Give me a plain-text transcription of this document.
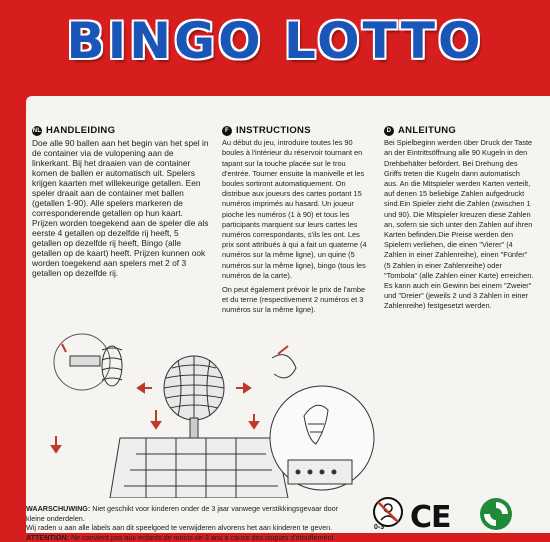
BINGO LOTTO
NL HANDLEIDING

Doe alle 90 ballen aan het begin van het spel in de container via de vulopening aan de linkerkant. Bij het draaien van de container komen de ballen er automatisch uit. Spelers krijgen kaarten met willekeurige getallen. Een speler draait aan de container met ballen (getallen 1-90). Alle spelers markeren de corresponderende getallen op hun kaart.

Prijzen worden toegekend aan de speler die als eerste 4 getallen op dezelfde rij heeft, 5 getallen op dezelfde rij heeft, Bingo (alle getallen op de kaart) heeft. Prijzen kunnen ook worden toegekend aan spelers met 2 of 3 getallen op dezelfde rij.

F INSTRUCTIONS

Au début du jeu, introduire toutes les 90 boules à l'intérieur du réservoir tournant en tapant sur la touche placée sur le trou d'entrée. Tourner ensuite la manivelle et les boules sortiront automatiquement. On distribue aux joueurs des cartes portant 15 numéros imprimés au hasard. Un joueur pioche les numéros (1 à 90) et tous les participants marquent sur leurs cartes les numéros correspondants, s'ils les ont. Les prix sont attribués à qui a fait un quaterne (4 numéros sur la même ligne), un quine (5 numéros sur la même ligne), bingo (tous les numéros de la carte).

On peut également prévoir le prix de l'ambe et du terne (respectivement 2 numéros et 3 numéros sur la même ligne).

D ANLEITUNG

Bei Spielbeginn werden über Druck der Taste an der Eintrittsöffnung alle 90 Kugeln in den Drehbehälter befördert. Bei Drehung des Griffs treten die Kugeln dann automatisch aus. An die Mitspieler werden Karten verteilt, auf denen 15 beliebige Zahlen aufgedruckt sind.Ein Spieler zieht die Zahlen (zwischen 1 und 90). Die Mitspieler kreuzen diese Zahlen an, sofern sie sich unter den Zahlen auf ihren Karten befinden.Die Preise werden den Spielern verliehen, die einen "Vierer" (4 Zahlen in einer Zahlenreihe), einen "Fünfer" (5 Zahlen in einer Zahlenreihe) oder "Tombola" (alle Zahlen einer Karte) erreichen. Es kann auch ein Gewinn bei einem "Zweier" und "Dreier" (jeweils 2 und 3 Zahlen in einer Zahlenreihe) festgesetzt werden.

WAARSCHUWING: Niet geschikt voor kinderen onder de 3 jaar vanwege verstikkingsgevaar door kleine onderdelen.
Wij raden u aan alle labels aan dit speelgoed te verwijderen alvorens het aan kinderen te geven.
ATTENTION: Ne convient pas aux enfants de moins de 3 ans à cause des risques d'étouffement
0-3 CE
